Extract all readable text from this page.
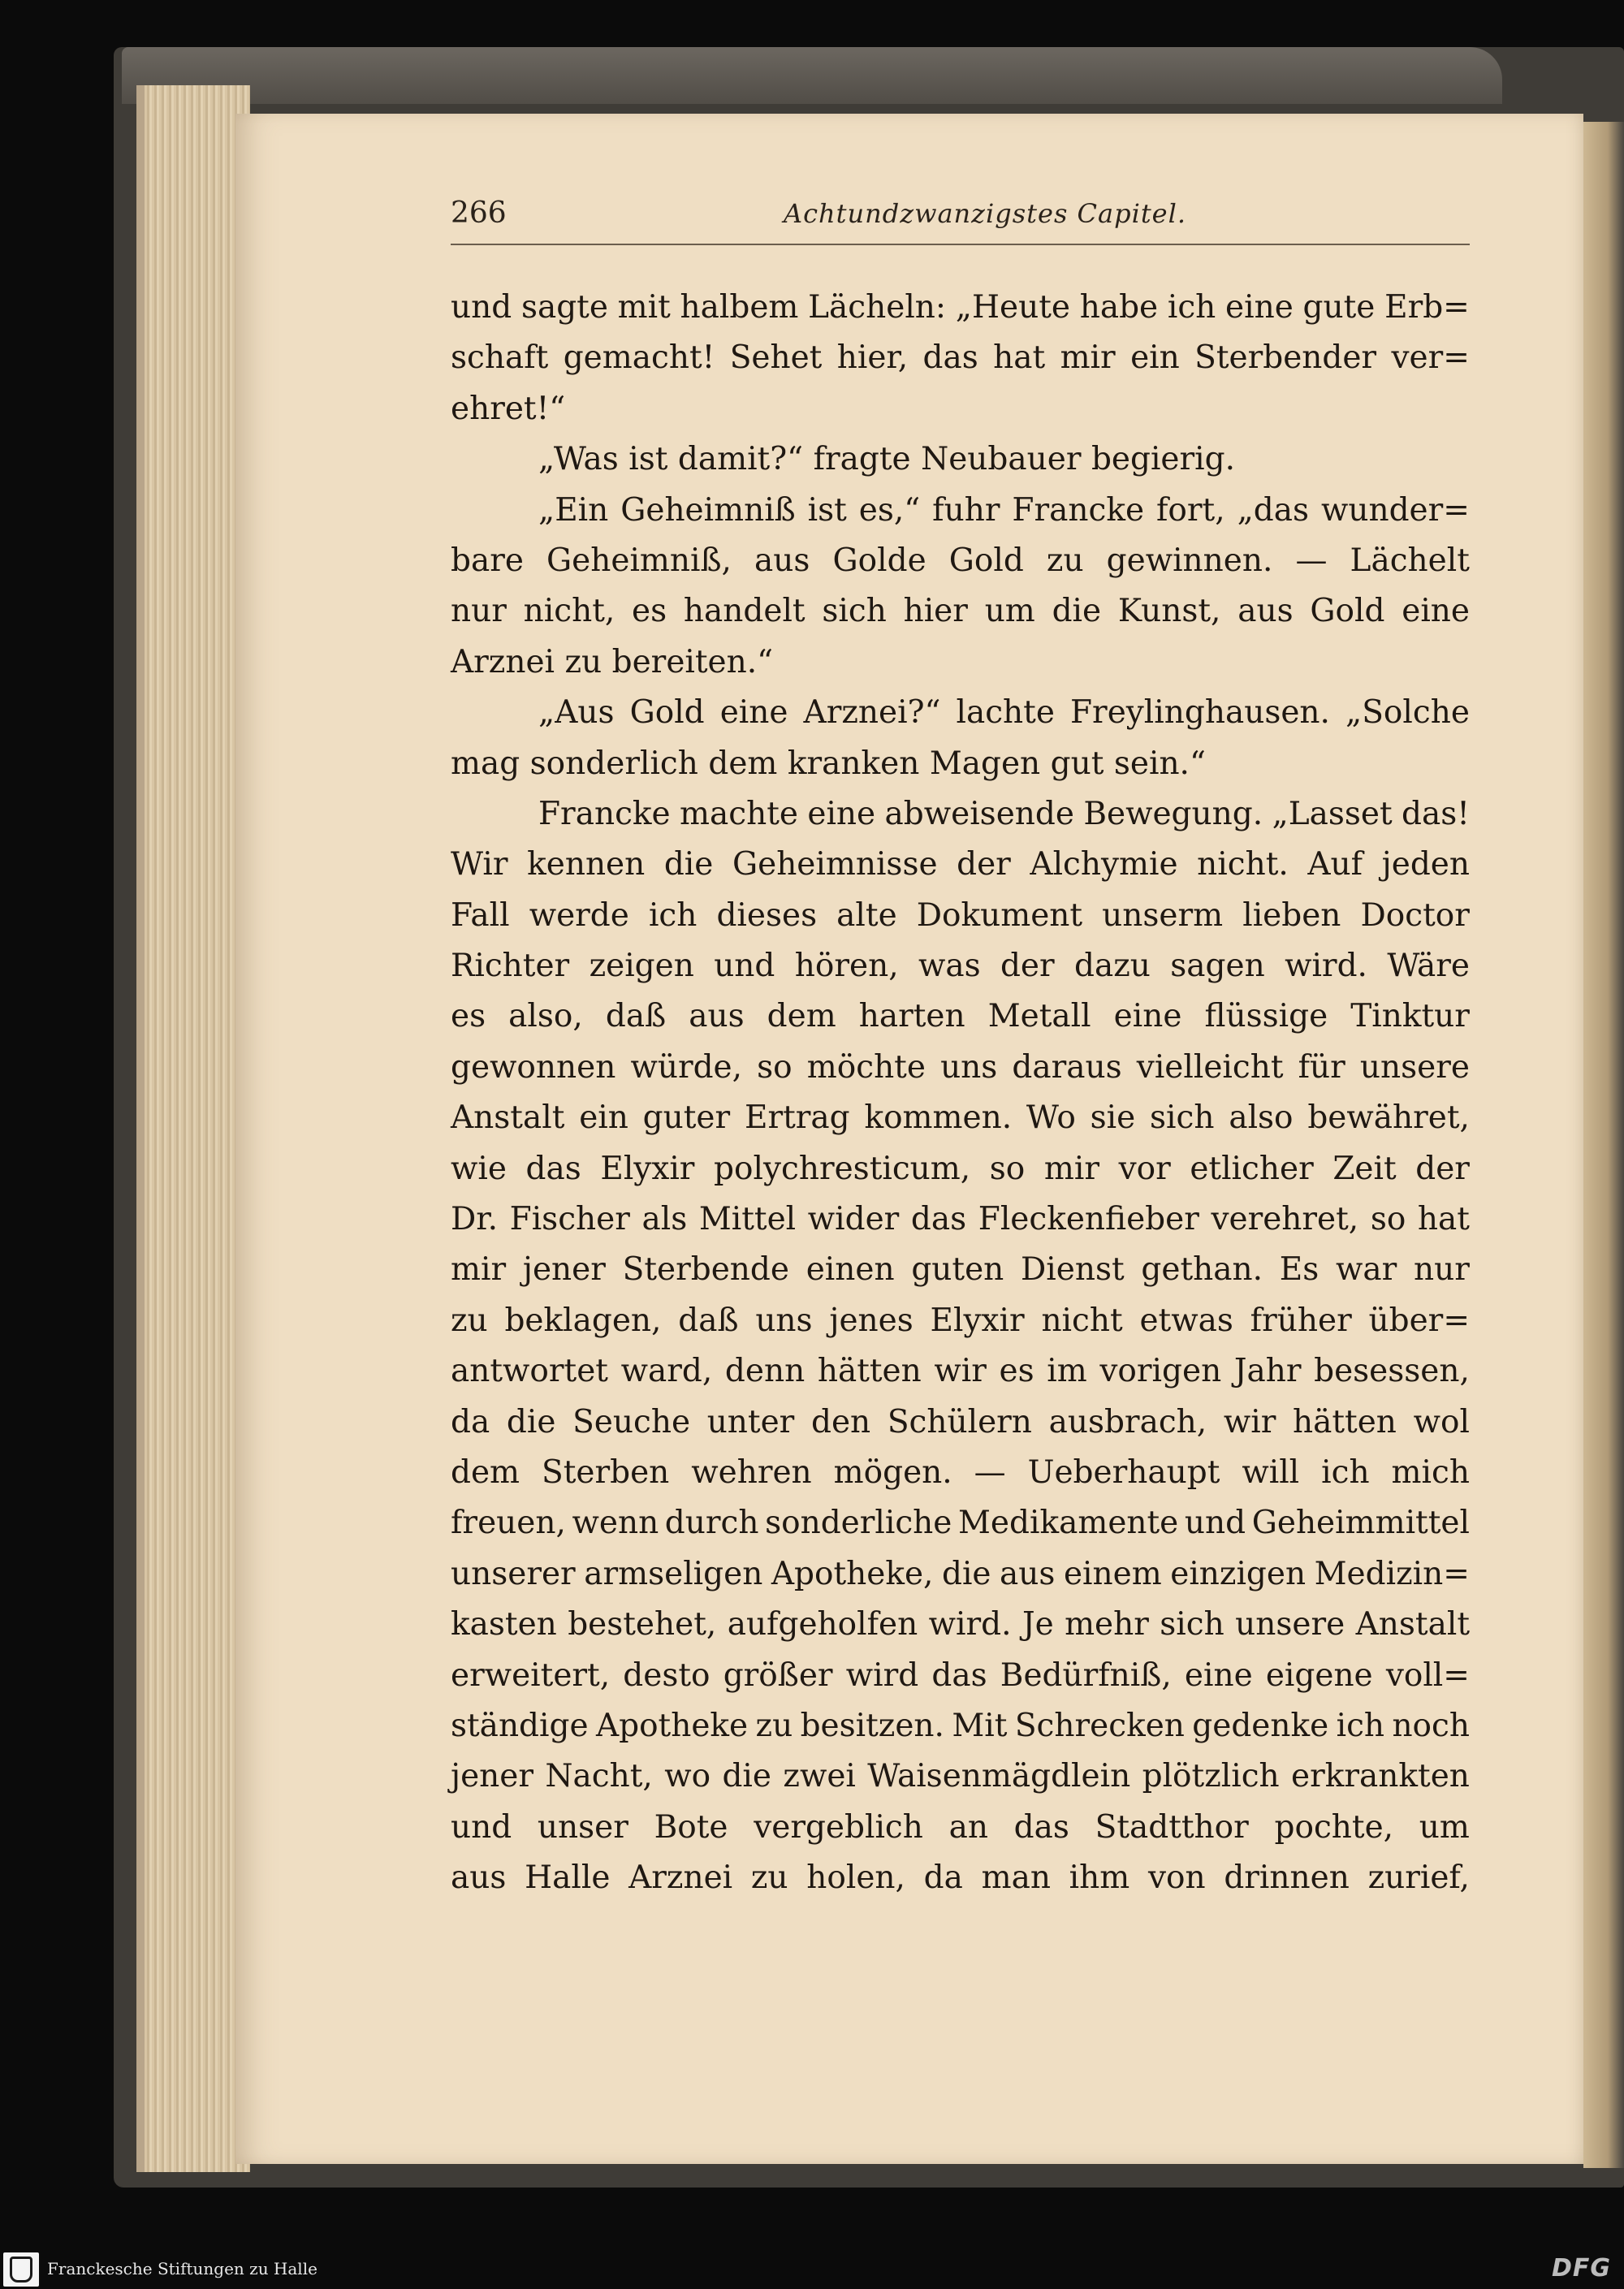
266	Achtundzwanzigstes Capitel.
und sagte mit halbem Lächeln: „Heute habe ich eine gute Erb=
schaft gemacht! Sehet hier, das hat mir ein Sterbender ver=
ehret!“
„Was ist damit?“ fragte Neubauer begierig.
„Ein Geheimniß ist es,“ fuhr Francke fort, „das wunder=
bare Geheimniß, aus Golde Gold zu gewinnen. — Lächelt
nur nicht, es handelt sich hier um die Kunst, aus Gold eine
Arznei zu bereiten.“
„Aus Gold eine Arznei?“ lachte Freylinghausen. „Solche
mag sonderlich dem kranken Magen gut sein.“
Francke machte eine abweisende Bewegung. „Lasset das!
Wir kennen die Geheimnisse der Alchymie nicht. Auf jeden
Fall werde ich dieses alte Dokument unserm lieben Doctor
Richter zeigen und hören, was der dazu sagen wird. Wäre
es also, daß aus dem harten Metall eine flüssige Tinktur
gewonnen würde, so möchte uns daraus vielleicht für unsere
Anstalt ein guter Ertrag kommen. Wo sie sich also bewähret,
wie das Elyxir polychresticum, so mir vor etlicher Zeit der
Dr. Fischer als Mittel wider das Fleckenfieber verehret, so hat
mir jener Sterbende einen guten Dienst gethan. Es war nur
zu beklagen, daß uns jenes Elyxir nicht etwas früher über=
antwortet ward, denn hätten wir es im vorigen Jahr besessen,
da die Seuche unter den Schülern ausbrach, wir hätten wol
dem Sterben wehren mögen. — Ueberhaupt will ich mich
freuen, wenn durch sonderliche Medikamente und Geheimmittel
unserer armseligen Apotheke, die aus einem einzigen Medizin=
kasten bestehet, aufgeholfen wird. Je mehr sich unsere Anstalt
erweitert, desto größer wird das Bedürfniß, eine eigene voll=
ständige Apotheke zu besitzen. Mit Schrecken gedenke ich noch
jener Nacht, wo die zwei Waisenmägdlein plötzlich erkrankten
und unser Bote vergeblich an das Stadtthor pochte, um
aus Halle Arznei zu holen, da man ihm von drinnen zurief,
Franckesche Stiftungen zu Halle	DFG
